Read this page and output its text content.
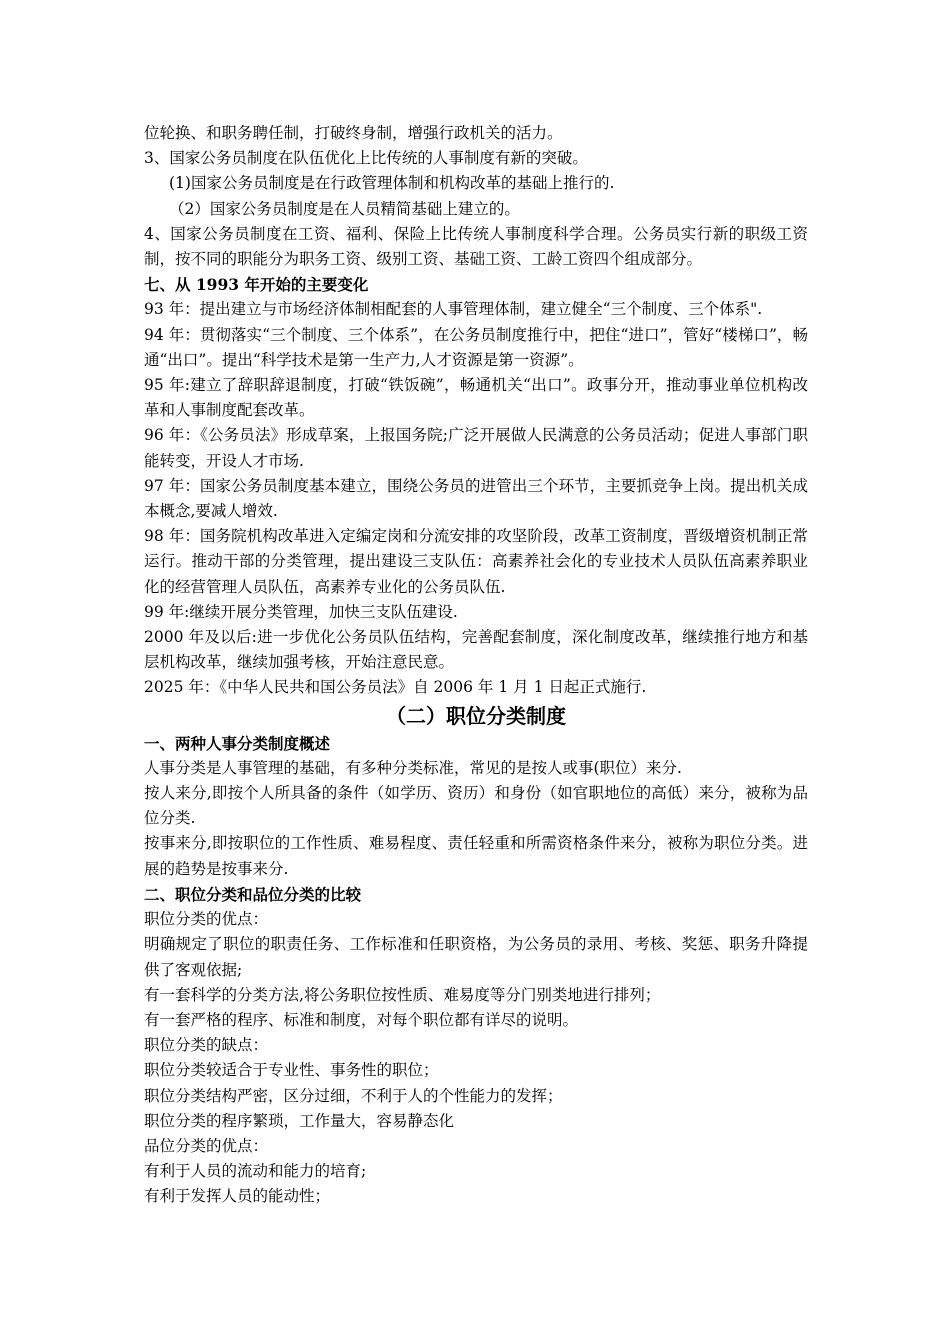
位轮换、和职务聘任制，打破终身制，增强行政机关的活力。

3、国家公务员制度在队伍优化上比传统的人事制度有新的突破。

(1)国家公务员制度是在行政管理体制和机构改革的基础上推行的.

（2）国家公务员制度是在人员精简基础上建立的。

4、国家公务员制度在工资、福利、保险上比传统人事制度科学合理。公务员实行新的职级工资制，按不同的职能分为职务工资、级别工资、基础工资、工龄工资四个组成部分。

七、从 1993 年开始的主要变化

93 年：提出建立与市场经济体制相配套的人事管理体制，建立健全“三个制度、三个体系".

94 年：贯彻落实“三个制度、三个体系”，在公务员制度推行中，把住“进口”，管好“楼梯口”，畅通“出口”。提出“科学技术是第一生产力,人才资源是第一资源”。

95 年:建立了辞职辞退制度，打破“铁饭碗”，畅通机关“出口”。政事分开，推动事业单位机构改革和人事制度配套改革。

96 年：《公务员法》形成草案，上报国务院;广泛开展做人民满意的公务员活动；促进人事部门职能转变，开设人才市场.

97 年：国家公务员制度基本建立，围绕公务员的进管出三个环节，主要抓竞争上岗。提出机关成本概念,要减人增效.

98 年：国务院机构改革进入定编定岗和分流安排的攻坚阶段，改革工资制度，晋级增资机制正常运行。推动干部的分类管理，提出建设三支队伍：高素养社会化的专业技术人员队伍高素养职业化的经营管理人员队伍，高素养专业化的公务员队伍.

99 年:继续开展分类管理，加快三支队伍建设.

2000 年及以后:进一步优化公务员队伍结构，完善配套制度，深化制度改革，继续推行地方和基层机构改革，继续加强考核，开始注意民意。

2025 年：《中华人民共和国公务员法》自 2006 年 1 月 1 日起正式施行.

（二）职位分类制度

一、两种人事分类制度概述

人事分类是人事管理的基础，有多种分类标准，常见的是按人或事(职位）来分.

按人来分,即按个人所具备的条件（如学历、资历）和身份（如官职地位的高低）来分，被称为品位分类.

按事来分,即按职位的工作性质、难易程度、责任轻重和所需资格条件来分，被称为职位分类。进展的趋势是按事来分.

二、职位分类和品位分类的比较

职位分类的优点：

明确规定了职位的职责任务、工作标准和任职资格，为公务员的录用、考核、奖惩、职务升降提供了客观依据;

有一套科学的分类方法,将公务职位按性质、难易度等分门别类地进行排列；

有一套严格的程序、标准和制度，对每个职位都有详尽的说明。

职位分类的缺点：

职位分类较适合于专业性、事务性的职位；

职位分类结构严密，区分过细，不利于人的个性能力的发挥；

职位分类的程序繁琐，工作量大，容易静态化

品位分类的优点：

有利于人员的流动和能力的培育;

有利于发挥人员的能动性；
